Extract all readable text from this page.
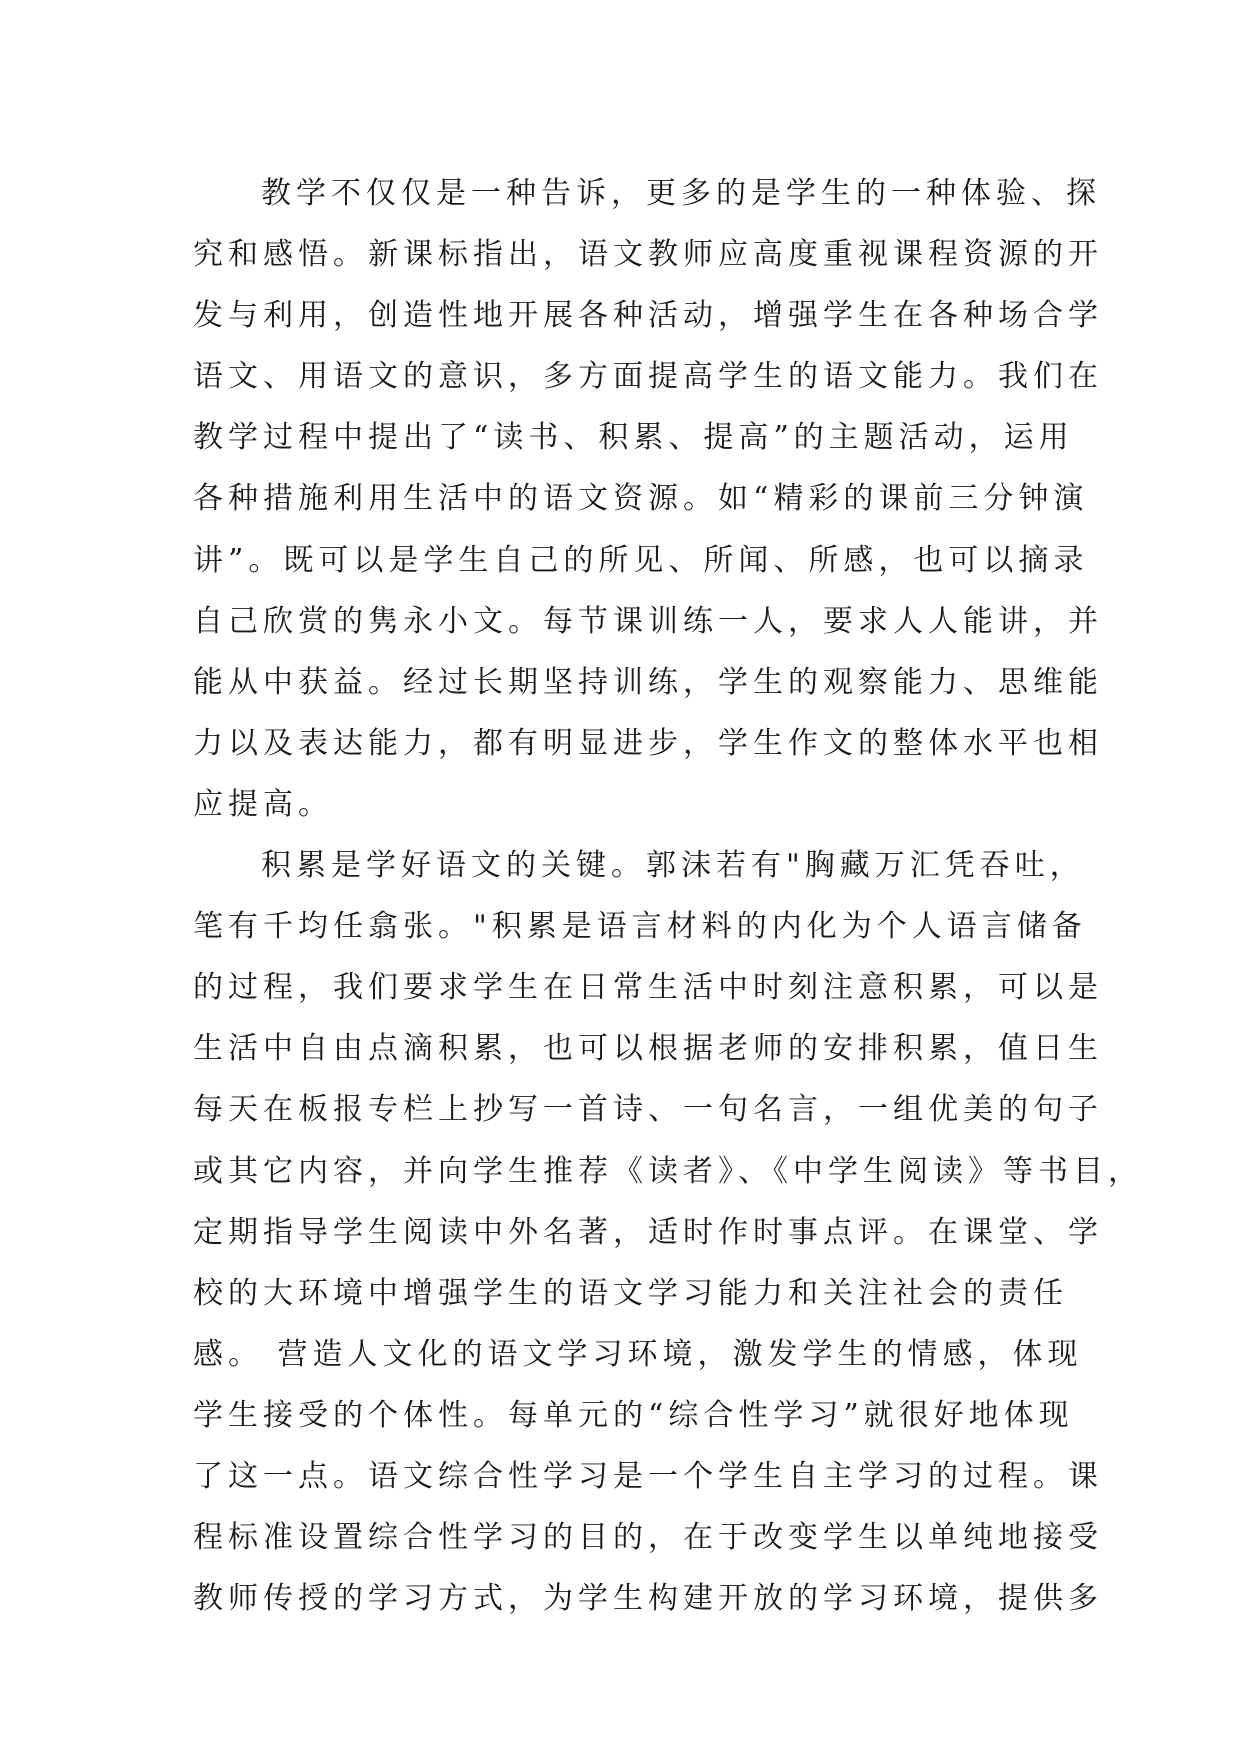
教学不仅仅是一种告诉，更多的是学生的一种体验、探
究和感悟。新课标指出，语文教师应高度重视课程资源的开
发与利用，创造性地开展各种活动，增强学生在各种场合学
语文、用语文的意识，多方面提高学生的语文能力。我们在
教学过程中提出了“读书、积累、提高”的主题活动，运用
各种措施利用生活中的语文资源。如“精彩的课前三分钟演
讲”。既可以是学生自己的所见、所闻、所感，也可以摘录
自己欣赏的隽永小文。每节课训练一人，要求人人能讲，并
能从中获益。经过长期坚持训练，学生的观察能力、思维能
力以及表达能力，都有明显进步，学生作文的整体水平也相
应提高。
积累是学好语文的关键。郭沫若有"胸藏万汇凭吞吐，
笔有千均任翕张。"积累是语言材料的内化为个人语言储备
的过程，我们要求学生在日常生活中时刻注意积累，可以是
生活中自由点滴积累，也可以根据老师的安排积累，值日生
每天在板报专栏上抄写一首诗、一句名言，一组优美的句子
或其它内容，并向学生推荐《读者》、《中学生阅读》等书目，
定期指导学生阅读中外名著，适时作时事点评。在课堂、学
校的大环境中增强学生的语文学习能力和关注社会的责任
感。 营造人文化的语文学习环境，激发学生的情感，体现
学生接受的个体性。每单元的“综合性学习”就很好地体现
了这一点。语文综合性学习是一个学生自主学习的过程。课
程标准设置综合性学习的目的，在于改变学生以单纯地接受
教师传授的学习方式，为学生构建开放的学习环境，提供多
